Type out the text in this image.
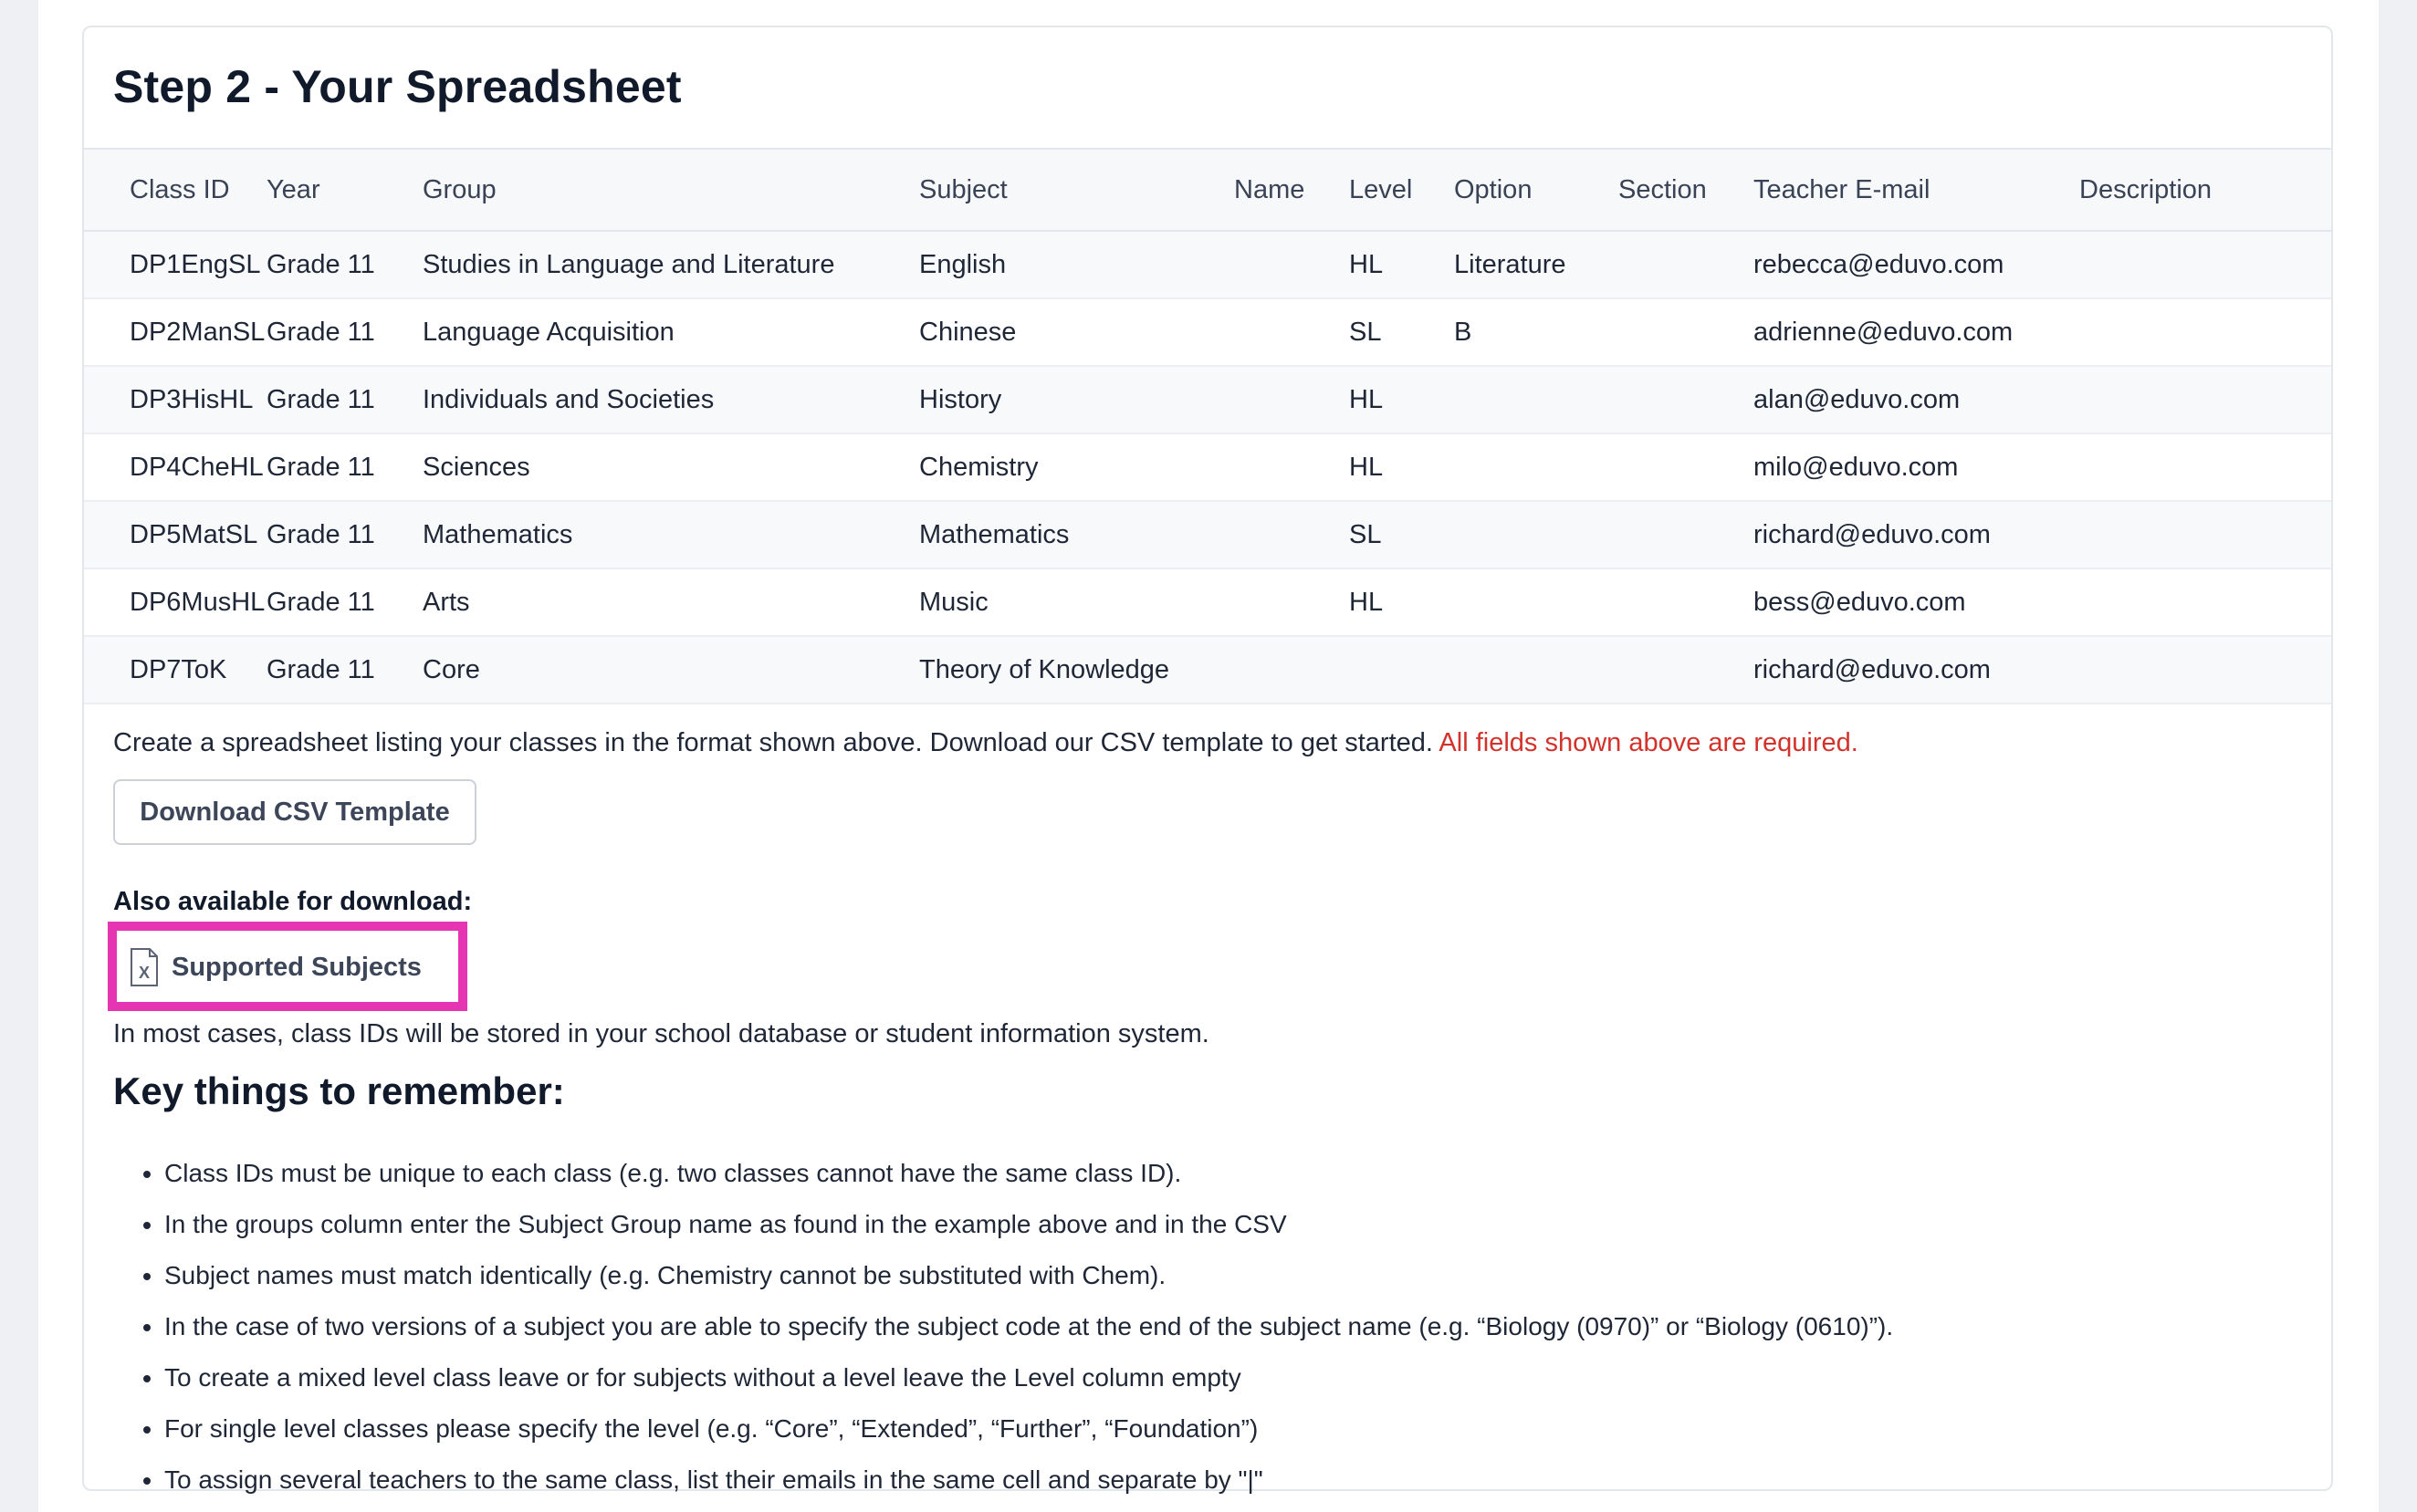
Step 2 - Your Spreadsheet
Class ID	Year	Group	Subject	Name	Level	Option	Section	Teacher E-mail	Description
DP1EngSL	Grade 11	Studies in Language and Literature	English		HL	Literature		rebecca@eduvo.com	
DP2ManSL	Grade 11	Language Acquisition	Chinese		SL	B		adrienne@eduvo.com	
DP3HisHL	Grade 11	Individuals and Societies	History		HL			alan@eduvo.com	
DP4CheHL	Grade 11	Sciences	Chemistry		HL			milo@eduvo.com	
DP5MatSL	Grade 11	Mathematics	Mathematics		SL			richard@eduvo.com	
DP6MusHL	Grade 11	Arts	Music		HL			bess@eduvo.com	
DP7ToK	Grade 11	Core	Theory of Knowledge					richard@eduvo.com	

Create a spreadsheet listing your classes in the format shown above. Download our CSV template to get started. All fields shown above are required.

Download CSV Template

Also available for download:

X Supported Subjects

In most cases, class IDs will be stored in your school database or student information system.

Key things to remember:
• Class IDs must be unique to each class (e.g. two classes cannot have the same class ID).
• In the groups column enter the Subject Group name as found in the example above and in the CSV
• Subject names must match identically (e.g. Chemistry cannot be substituted with Chem).
• In the case of two versions of a subject you are able to specify the subject code at the end of the subject name (e.g. “Biology (0970)” or “Biology (0610)”).
• To create a mixed level class leave or for subjects without a level leave the Level column empty
• For single level classes please specify the level (e.g. “Core”, “Extended”, “Further”, “Foundation”)
• To assign several teachers to the same class, list their emails in the same cell and separate by "|"
